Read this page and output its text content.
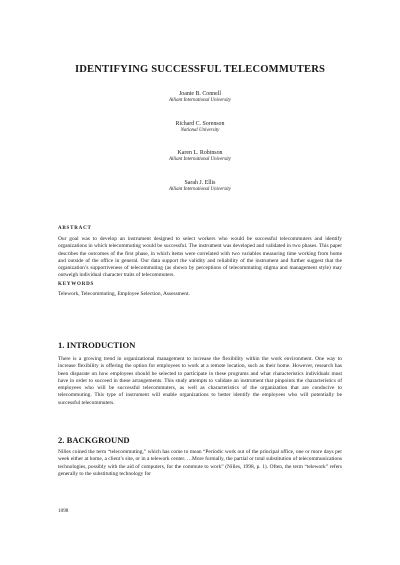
IDENTIFYING SUCCESSFUL TELECOMMUTERS
Joanie B. Connell
Alliant International University
Richard C. Sorenson
National University
Karen L. Robinson
Alliant International University
Sarah J. Ellis
Alliant International University

ABSTRACT

Our goal was to develop an instrument designed to select workers who would be successful telecommuters and identify organizations in which telecommuting would be successful. The instrument was developed and validated in two phases. This paper describes the outcomes of the first phase, in which items were correlated with two variables measuring time working from home and outside of the office in general. Our data support the validity and reliability of the instrument and further suggest that the organization’s supportiveness of telecommuting (as shown by perceptions of telecommuting stigma and management style) may outweigh individual character traits of telecommuters.

KEYWORDS

Telework, Telecommuting, Employee Selection, Assessment.

1. INTRODUCTION

There is a growing trend in organizational management to increase the flexibility within the work environment. One way to increase flexibility is offering the option for employees to work at a remote location, such as their home. However, research has been disparate on how employees should be selected to participate in these programs and what characteristics individuals must have in order to succeed in these arrangements. This study attempts to validate an instrument that pinpoints the characteristics of employees who will be successful telecommuters, as well as characteristics of the organization that are conducive to telecommuting. This type of instrument will enable organizations to better identify the employees who will potentially be successful telecommuters.

2. BACKGROUND

Nilles coined the term “telecommuting,” which has come to mean “Periodic work out of the principal office, one or more days per week either at home, a client’s site, or in a telework center. …More formally, the partial or total substitution of telecommunications technologies, possibly with the aid of computers, for the commute to work” (Nilles, 1998, p. 1). Often, the term “telework” refers generally to the substituting technology for

1098
